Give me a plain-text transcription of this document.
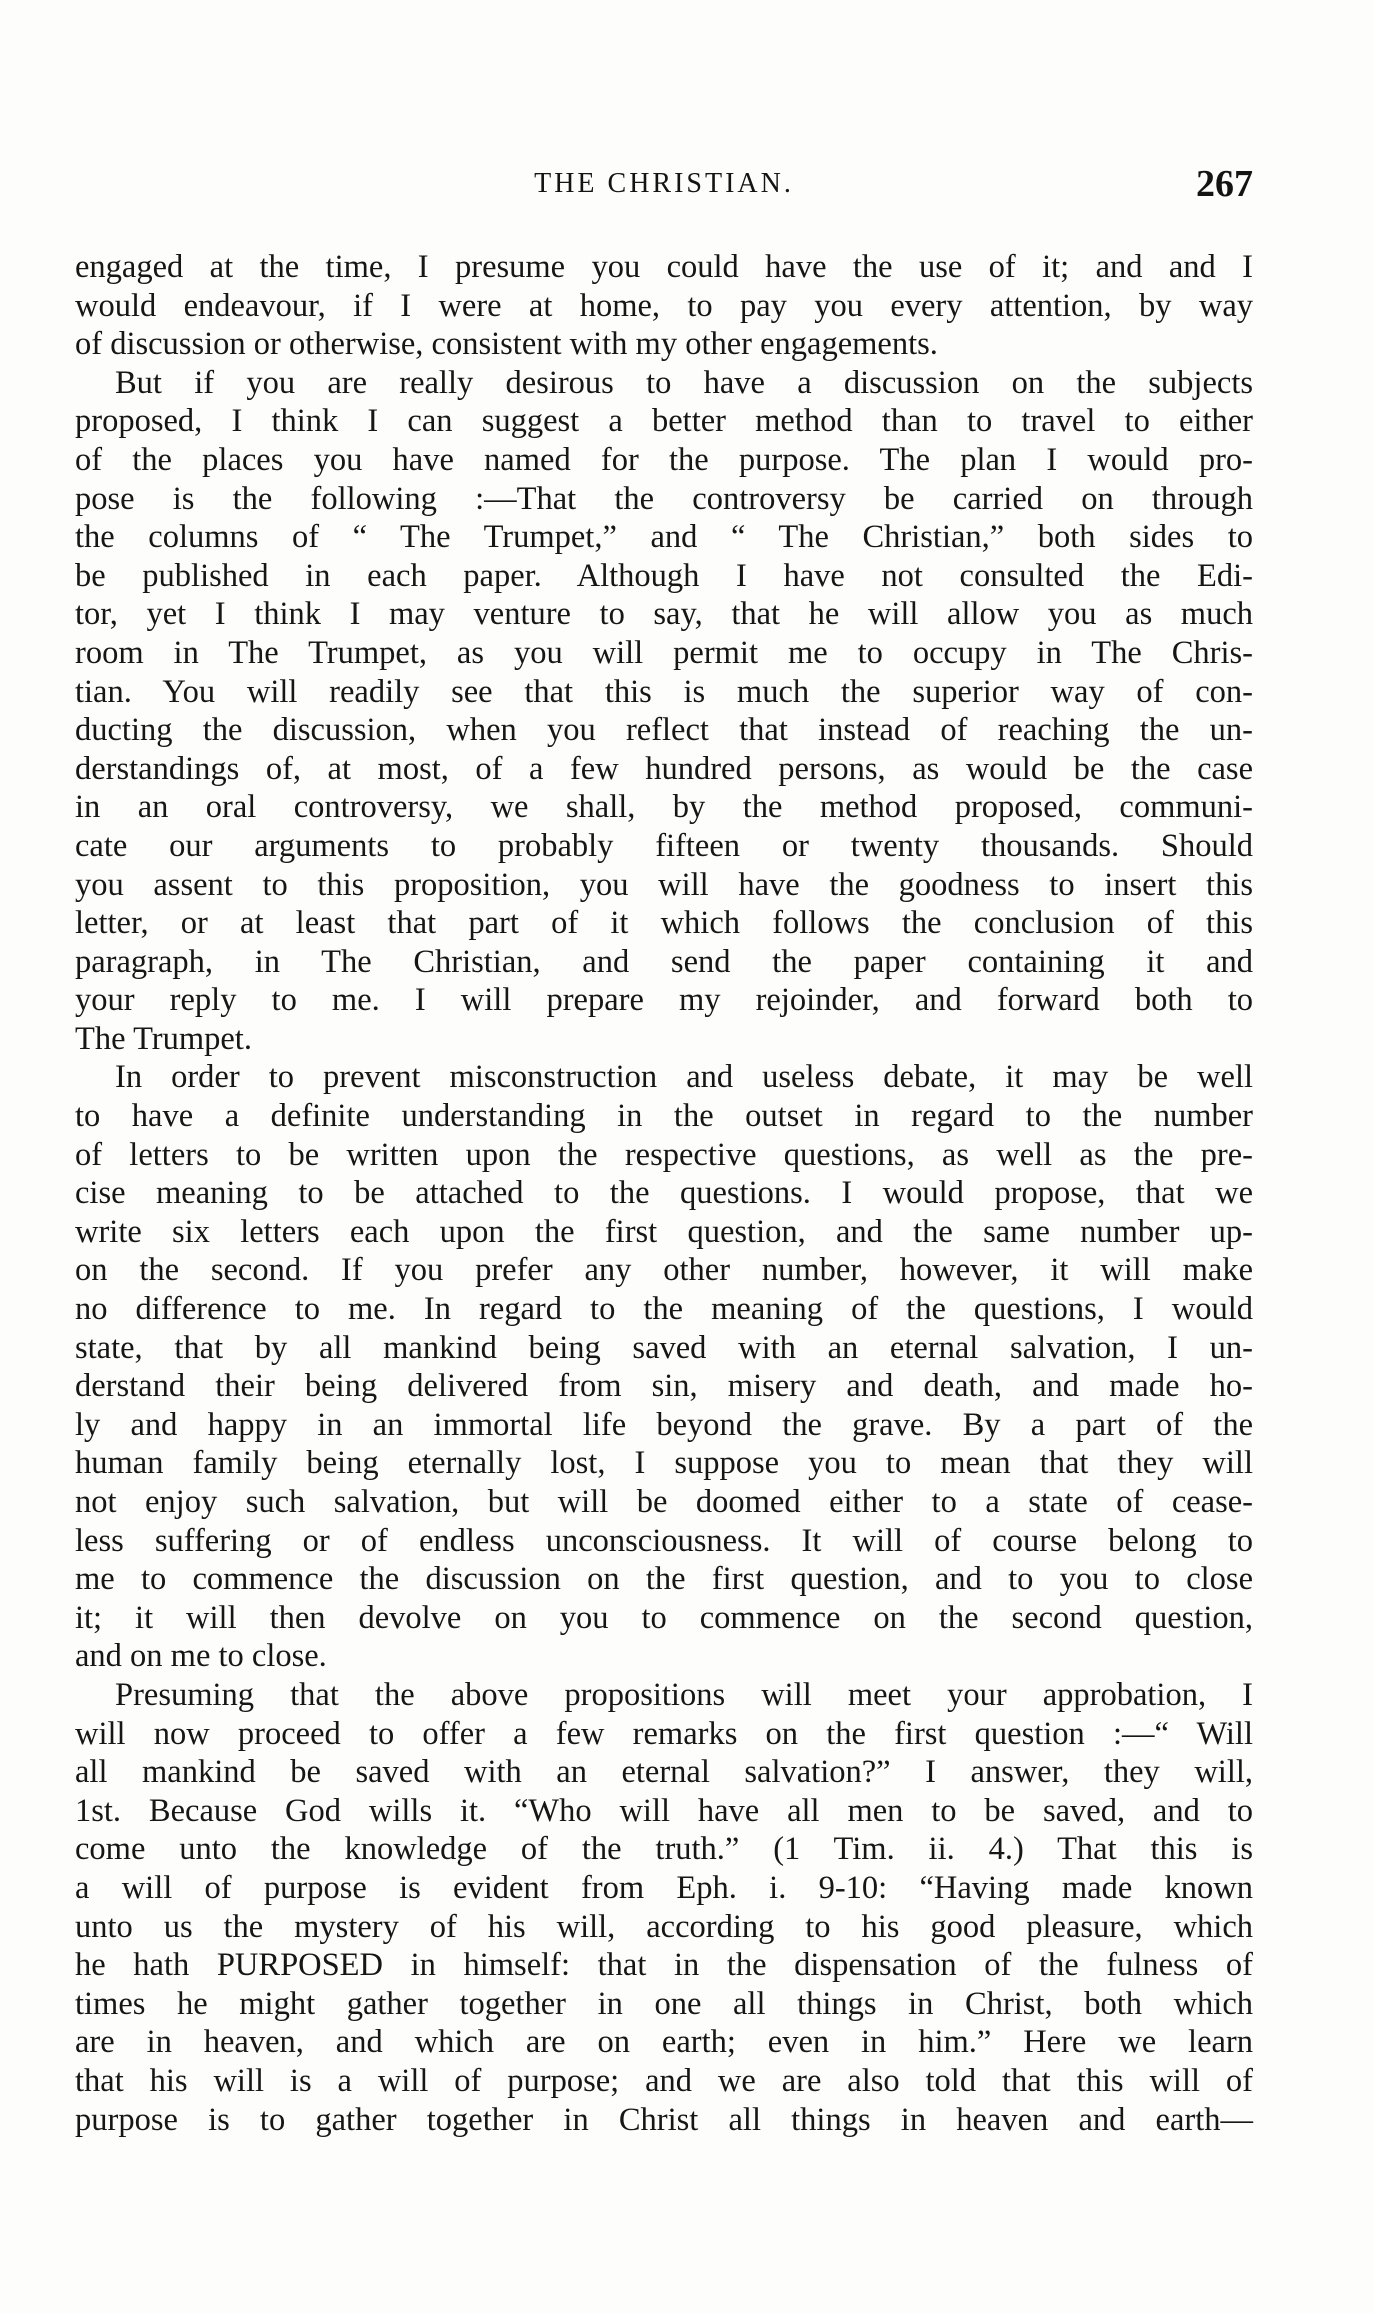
THE CHRISTIAN.	267
engaged at the time, I presume you could have the use of it; and and I
would endeavour, if I were at home, to pay you every attention, by way
of discussion or otherwise, consistent with my other engagements.
But if you are really desirous to have a discussion on the subjects
proposed, I think I can suggest a better method than to travel to either
of the places you have named for the purpose. The plan I would pro-
pose is the following :—That the controversy be carried on through
the columns of “ The Trumpet,” and “ The Christian,” both sides to
be published in each paper. Although I have not consulted the Edi-
tor, yet I think I may venture to say, that he will allow you as much
room in The Trumpet, as you will permit me to occupy in The Chris-
tian. You will readily see that this is much the superior way of con-
ducting the discussion, when you reflect that instead of reaching the un-
derstandings of, at most, of a few hundred persons, as would be the case
in an oral controversy, we shall, by the method proposed, communi-
cate our arguments to probably fifteen or twenty thousands. Should
you assent to this proposition, you will have the goodness to insert this
letter, or at least that part of it which follows the conclusion of this
paragraph, in The Christian, and send the paper containing it and
your reply to me. I will prepare my rejoinder, and forward both to
The Trumpet.
In order to prevent misconstruction and useless debate, it may be well
to have a definite understanding in the outset in regard to the number
of letters to be written upon the respective questions, as well as the pre-
cise meaning to be attached to the questions. I would propose, that we
write six letters each upon the first question, and the same number up-
on the second. If you prefer any other number, however, it will make
no difference to me. In regard to the meaning of the questions, I would
state, that by all mankind being saved with an eternal salvation, I un-
derstand their being delivered from sin, misery and death, and made ho-
ly and happy in an immortal life beyond the grave. By a part of the
human family being eternally lost, I suppose you to mean that they will
not enjoy such salvation, but will be doomed either to a state of cease-
less suffering or of endless unconsciousness. It will of course belong to
me to commence the discussion on the first question, and to you to close
it; it will then devolve on you to commence on the second question,
and on me to close.
Presuming that the above propositions will meet your approbation, I
will now proceed to offer a few remarks on the first question :—“ Will
all mankind be saved with an eternal salvation?” I answer, they will,
1st. Because God wills it. “Who will have all men to be saved, and to
come unto the knowledge of the truth.” (1 Tim. ii. 4.) That this is
a will of purpose is evident from Eph. i. 9-10: “Having made known
unto us the mystery of his will, according to his good pleasure, which
he hath PURPOSED in himself: that in the dispensation of the fulness of
times he might gather together in one all things in Christ, both which
are in heaven, and which are on earth; even in him.” Here we learn
that his will is a will of purpose; and we are also told that this will of
purpose is to gather together in Christ all things in heaven and earth—
